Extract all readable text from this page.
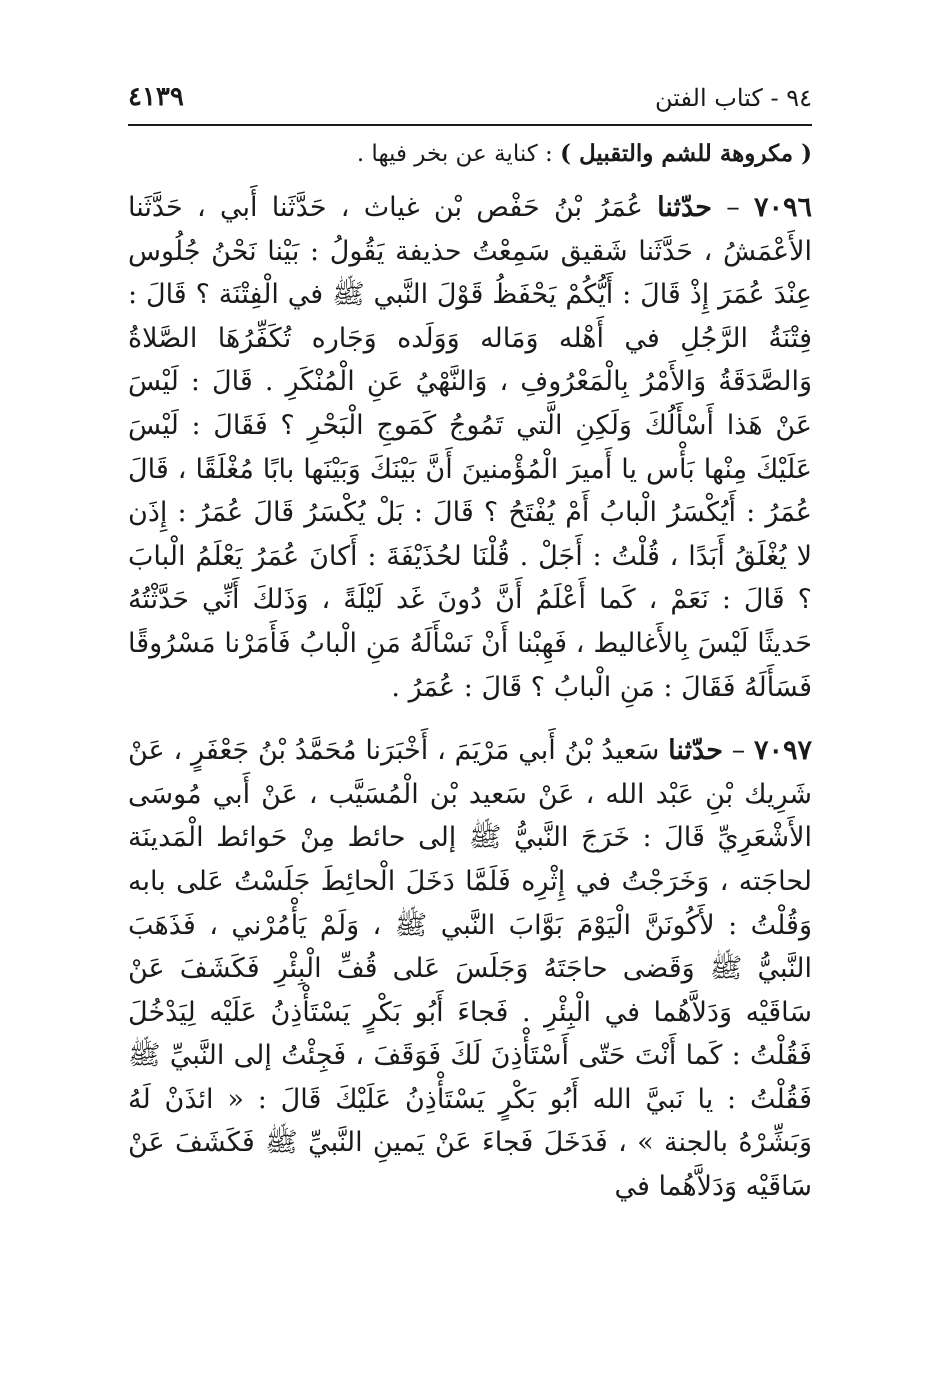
٩٤ - كتاب الفتن
٤١٣٩
( مكروهة للشم والتقبيل ) : كناية عن بخر فيها .
٧٠٩٦ – حدّثنا عُمَرُ بْنُ حَفْص بْن غياث ، حَدَّثَنا أَبي ، حَدَّثَنا الأَعْمَشُ ، حَدَّثَنا شَقيق سَمِعْتُ حذيفة يَقُولُ : بَيْنا نَحْنُ جُلُوس عِنْدَ عُمَرَ إِذْ قَالَ : أَيُّكُمْ يَحْفَظُ قَوْلَ النَّبي ﷺ في الْفِتْنَة ؟ قَالَ : فِتْنَةُ الرَّجُلِ في أَهْله وَمَاله وَوَلَده وَجَاره تُكَفِّرُهَا الصَّلاةُ وَالصَّدَقَةُ وَالأَمْرُ بِالْمَعْرُوفِ ، وَالنَّهْيُ عَنِ الْمُنْكَرِ . قَالَ : لَيْسَ عَنْ هَذا أَسْأَلُكَ وَلَكِنِ الَّتي تَمُوجُ كَمَوجِ الْبَحْرِ ؟ فَقَالَ : لَيْسَ عَلَيْكَ مِنْها بَأْس يا أَميرَ الْمُؤْمنينَ أَنَّ بَيْنَكَ وَبَيْنَها بابًا مُغْلَقًا ، قَالَ عُمَرُ : أَيُكْسَرُ الْبابُ أَمْ يُفْتَحُ ؟ قَالَ : بَلْ يُكْسَرُ قَالَ عُمَرُ : إِذَن لا يُغْلَقُ أَبَدًا ، قُلْتُ : أَجَلْ . قُلْنَا لحُذَيْفَةَ : أَكانَ عُمَرُ يَعْلَمُ الْبابَ ؟ قَالَ : نَعَمْ ، كَما أَعْلَمُ أَنَّ دُونَ غَد لَيْلَةً ، وَذَلكَ أَنِّي حَدَّثْتُهُ حَديثًا لَيْسَ بِالأَغاليط ، فَهِبْنا أَنْ نَسْأَلَهُ مَنِ الْبابُ فَأَمَرْنا مَسْرُوقًا فَسَأَلَهُ فَقَالَ : مَنِ الْبابُ ؟ قَالَ : عُمَرُ .
٧٠٩٧ – حدّثنا سَعيدُ بْنُ أَبي مَرْيَمَ ، أَخْبَرَنا مُحَمَّدُ بْنُ جَعْفَرٍ ، عَنْ شَرِيك بْنِ عَبْد الله ، عَنْ سَعيد بْن الْمُسَيَّب ، عَنْ أَبي مُوسَى الأَشْعَرِيِّ قَالَ : خَرَجَ النَّبيُّ ﷺ إلى حائط مِنْ حَوائط الْمَدينَة لحاجَته ، وَخَرَجْتُ في إِثْرِه فَلَمَّا دَخَلَ الْحائِطَ جَلَسْتُ عَلى بابه وَقُلْتُ : لأَكُونَنَّ الْيَوْمَ بَوَّابَ النَّبي ﷺ ، وَلَمْ يَأْمُرْني ، فَذَهَبَ النَّبيُّ ﷺ وَقَضى حاجَتَهُ وَجَلَسَ عَلى قُفِّ الْبِئْرِ فَكَشَفَ عَنْ سَاقَيْه وَدَلاَّهُما في الْبِئْرِ . فَجاءَ أَبُو بَكْرٍ يَسْتَأْذِنُ عَلَيْه لِيَدْخُلَ فَقُلْتُ : كَما أَنْتَ حَتّى أَسْتَأْذِنَ لَكَ فَوَقَفَ ، فَجِئْتُ إلى النَّبيِّ ﷺ فَقُلْتُ : يا نَبيَّ الله أَبُو بَكْرٍ يَسْتَأْذِنُ عَلَيْكَ قَالَ : « ائذَنْ لَهُ وَبَشِّرْهُ بالجنة » ، فَدَخَلَ فَجاءَ عَنْ يَمينِ النَّبيِّ ﷺ فَكَشَفَ عَنْ سَاقَيْه وَدَلاَّهُما في
